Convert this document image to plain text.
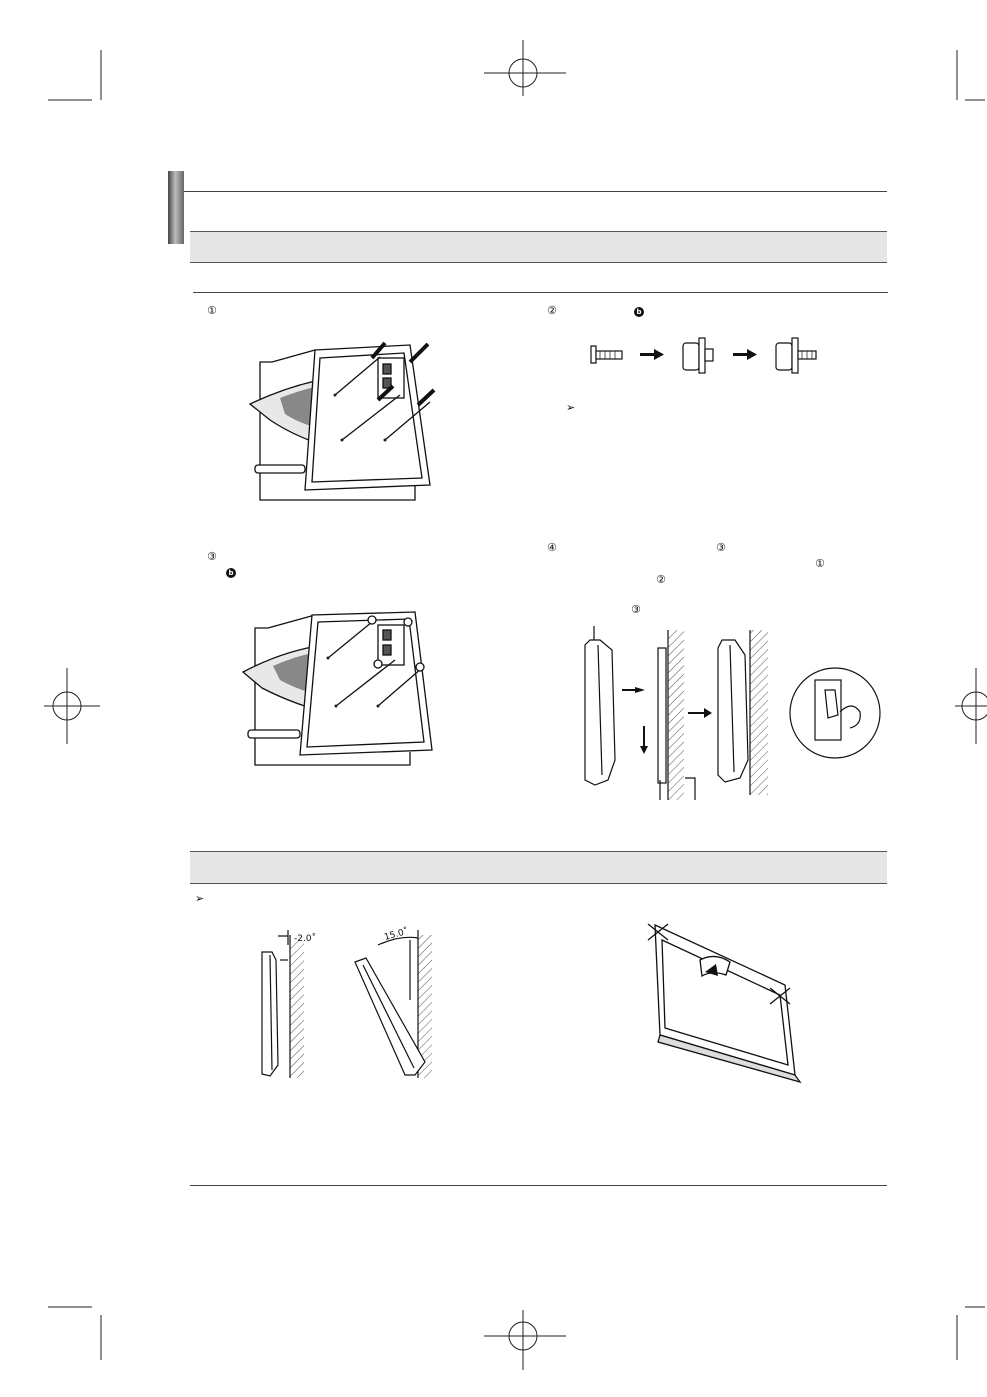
①	②	b
➢
③
b
④	③
①
②
③
➢
-2.0˚	15.0˚
